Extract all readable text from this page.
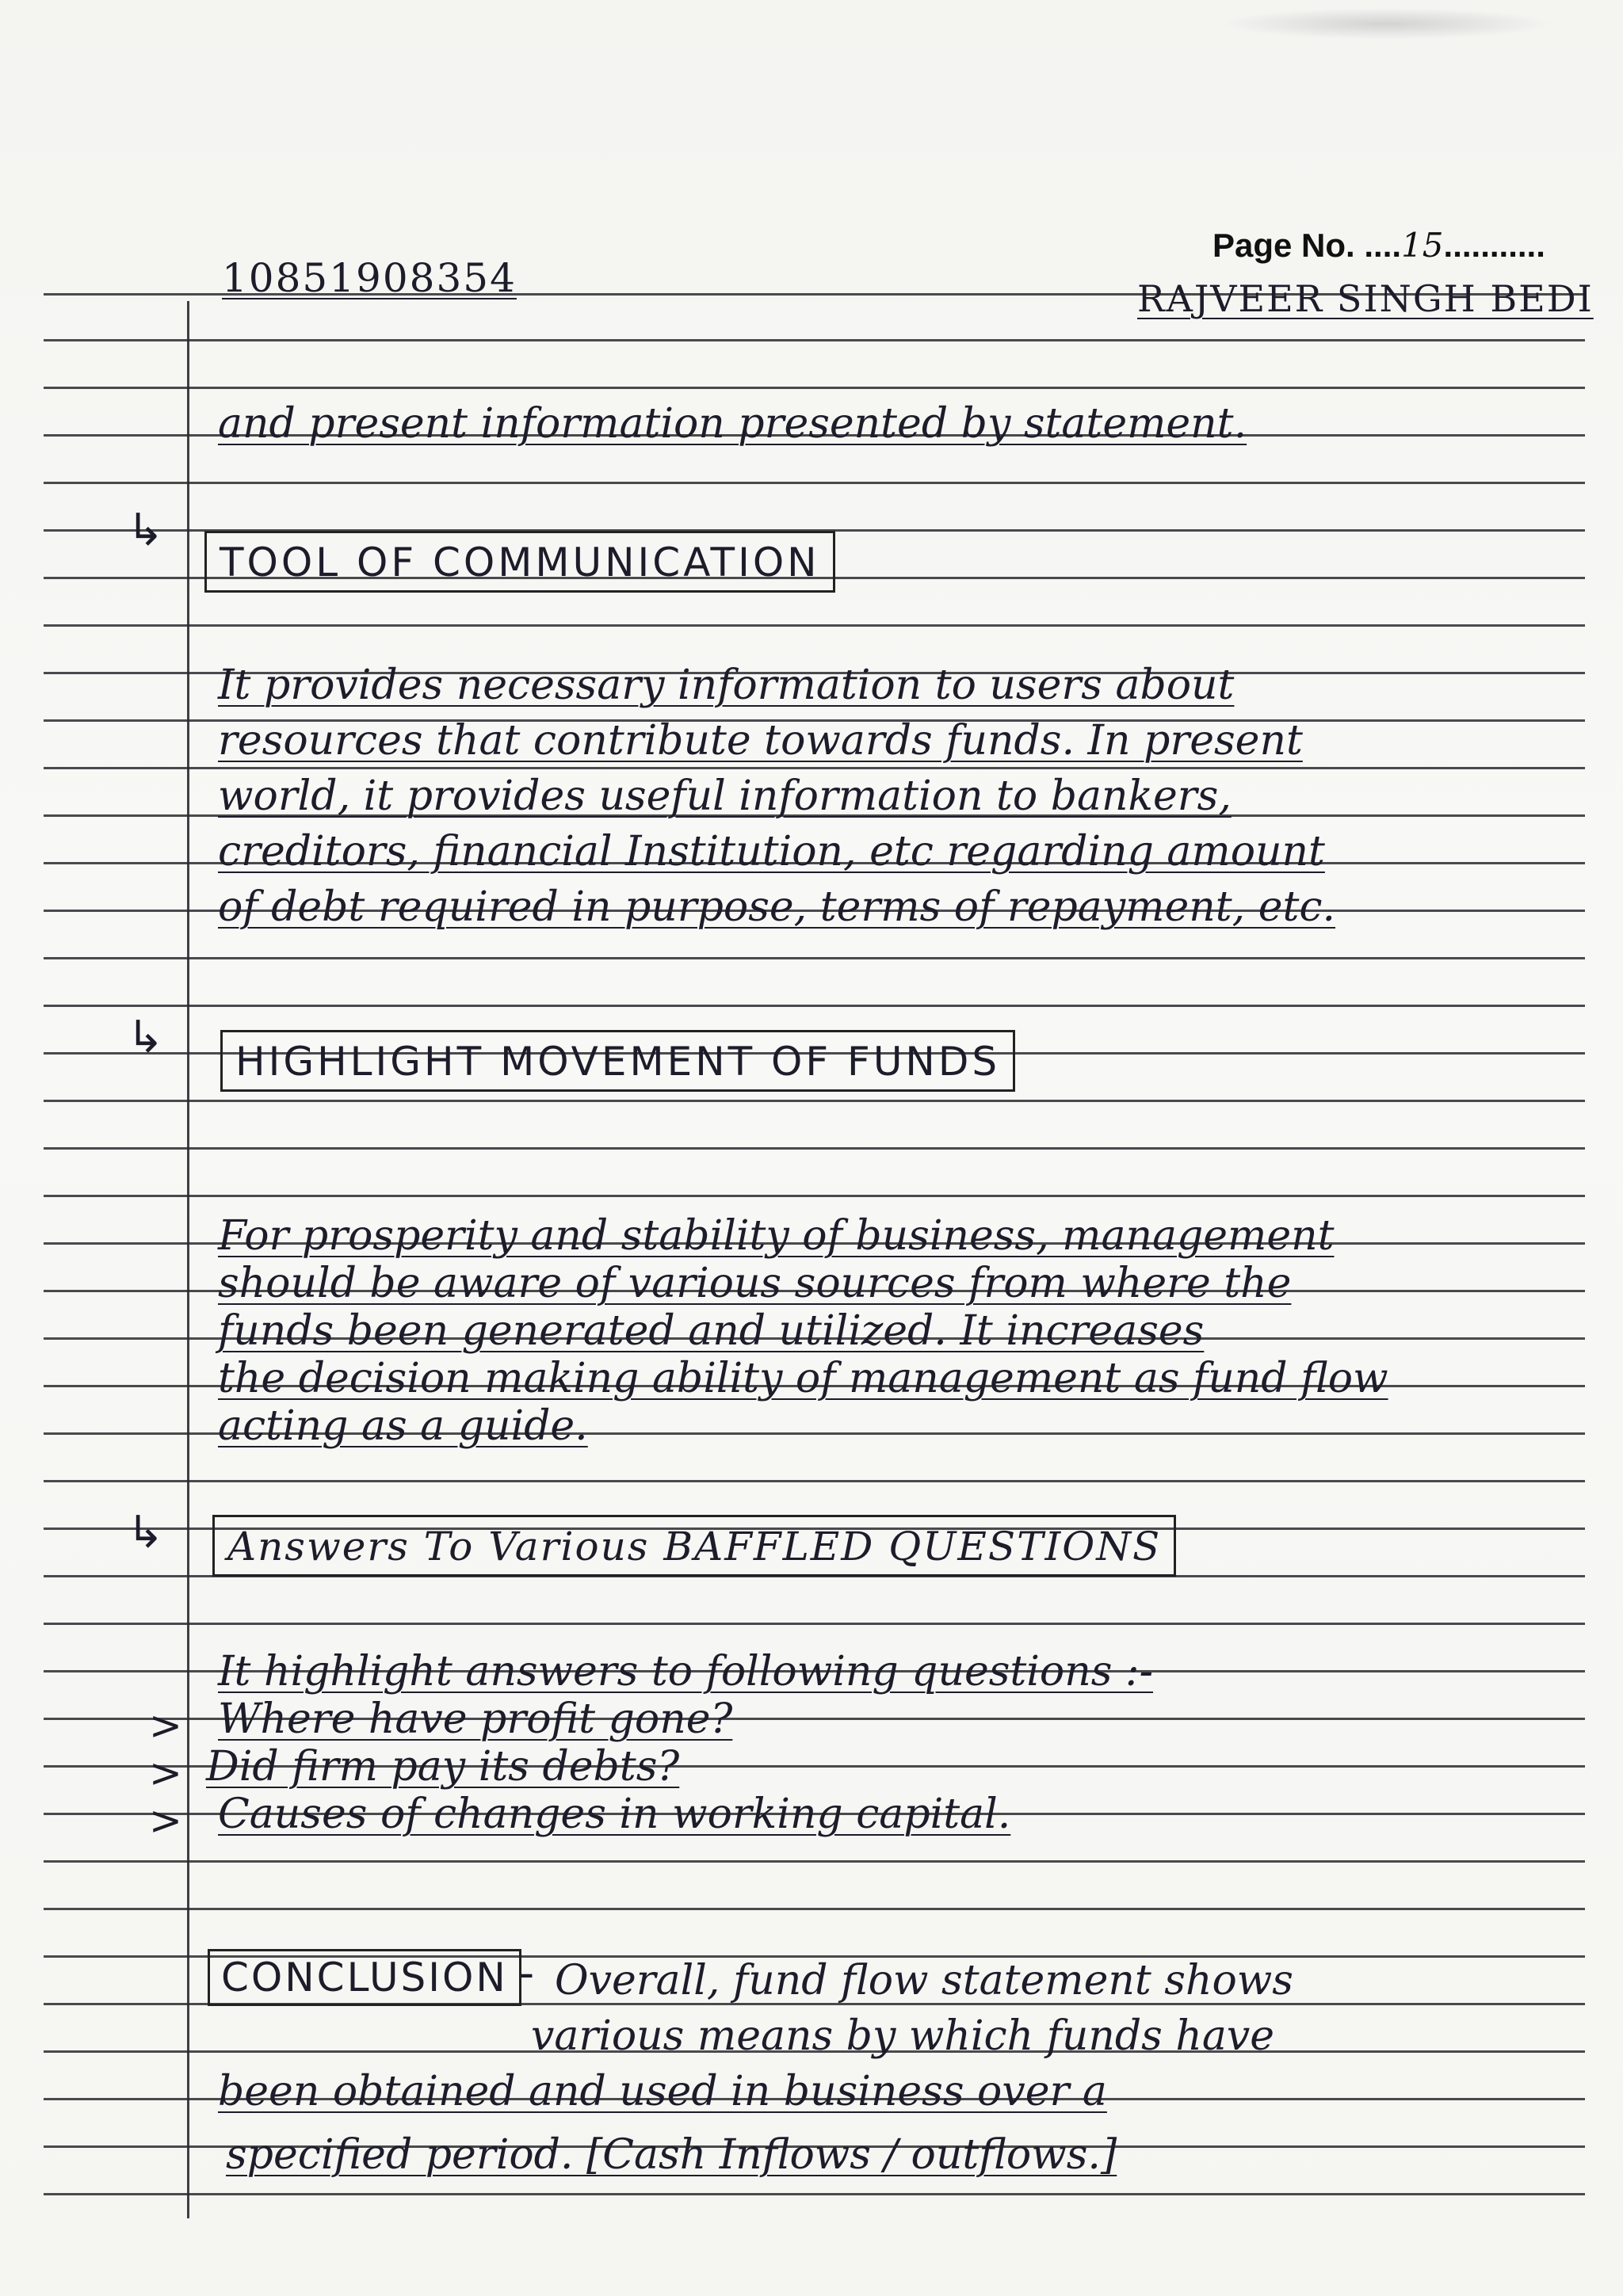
Page No. ....15...........
10851908354	RAJVEER SINGH BEDI
and present information presented by statement.
↳
TOOL OF COMMUNICATION
It provides necessary information to users about
resources that contribute towards funds. In present
world, it provides useful information to bankers,
creditors, financial Institution, etc regarding amount
of debt required in purpose, terms of repayment, etc.
↳	HIGHLIGHT MOVEMENT OF FUNDS
For prosperity and stability of business, management
should be aware of various sources from where the
funds been generated and utilized. It increases
the decision making ability of management as fund flow
acting as a guide.
↳	Answers To Various BAFFLED QUESTIONS
It highlight answers to following questions :-
> Where have profit gone?
> Did firm pay its debts?
> Causes of changes in working capital.
CONCLUSION - Overall, fund flow statement shows
various means by which funds have
been obtained and used in business over a
specified period. [Cash Inflows / outflows.]
